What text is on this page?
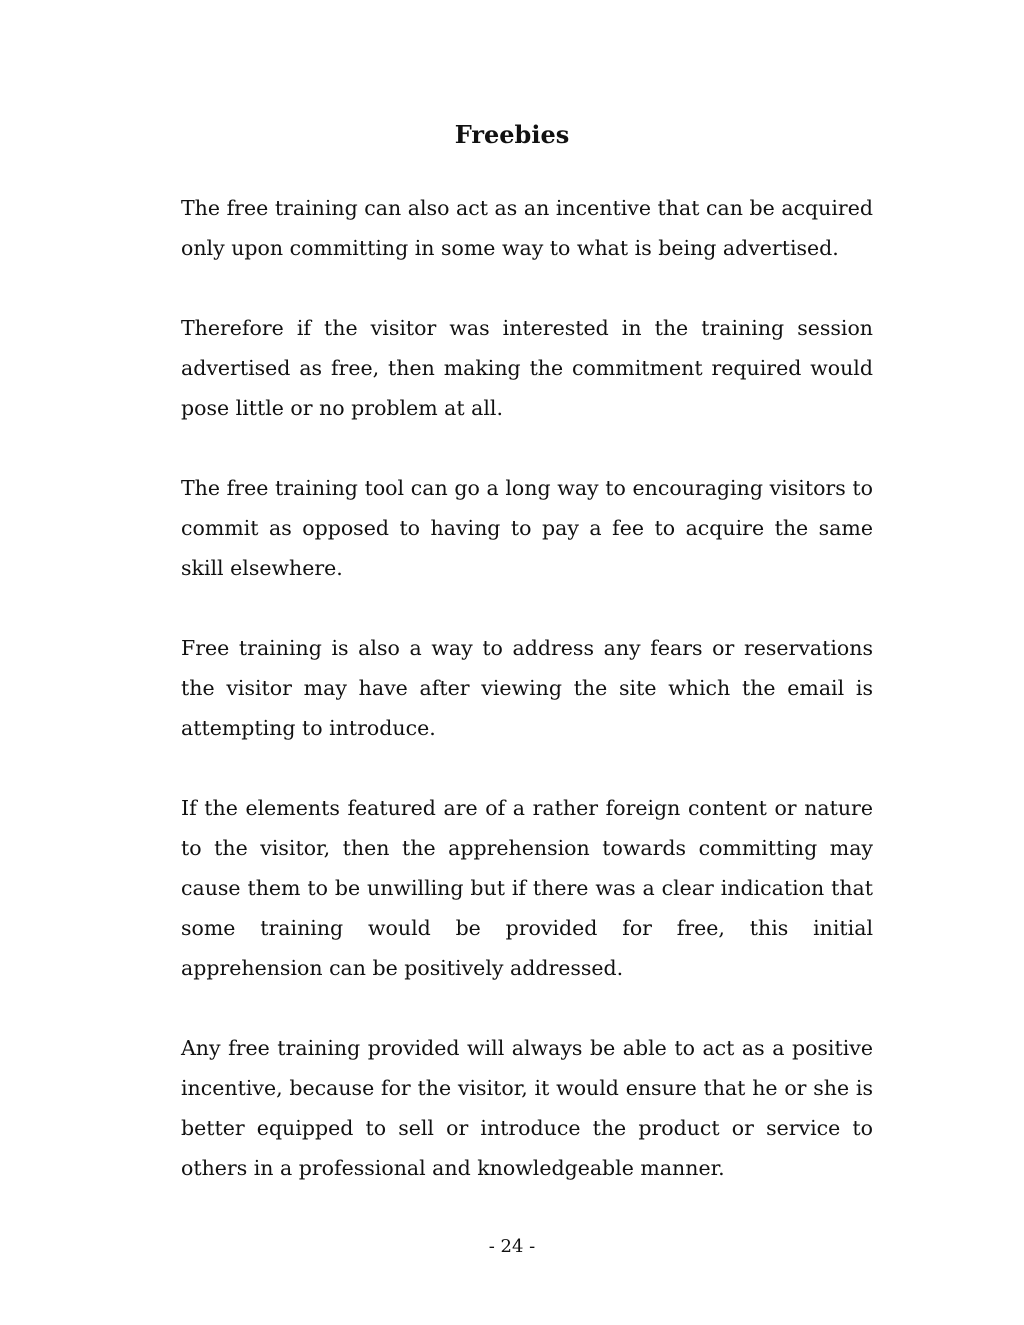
Freebies

The free training can also act as an incentive that can be acquired only upon committing in some way to what is being advertised.

Therefore if the visitor was interested in the training session advertised as free, then making the commitment required would pose little or no problem at all.

The free training tool can go a long way to encouraging visitors to commit as opposed to having to pay a fee to acquire the same skill elsewhere.

Free training is also a way to address any fears or reservations the visitor may have after viewing the site which the email is attempting to introduce.

If the elements featured are of a rather foreign content or nature to the visitor, then the apprehension towards committing may cause them to be unwilling but if there was a clear indication that some training would be provided for free, this initial apprehension can be positively addressed.

Any free training provided will always be able to act as a positive incentive, because for the visitor, it would ensure that he or she is better equipped to sell or introduce the product or service to others in a professional and knowledgeable manner.

- 24 -
